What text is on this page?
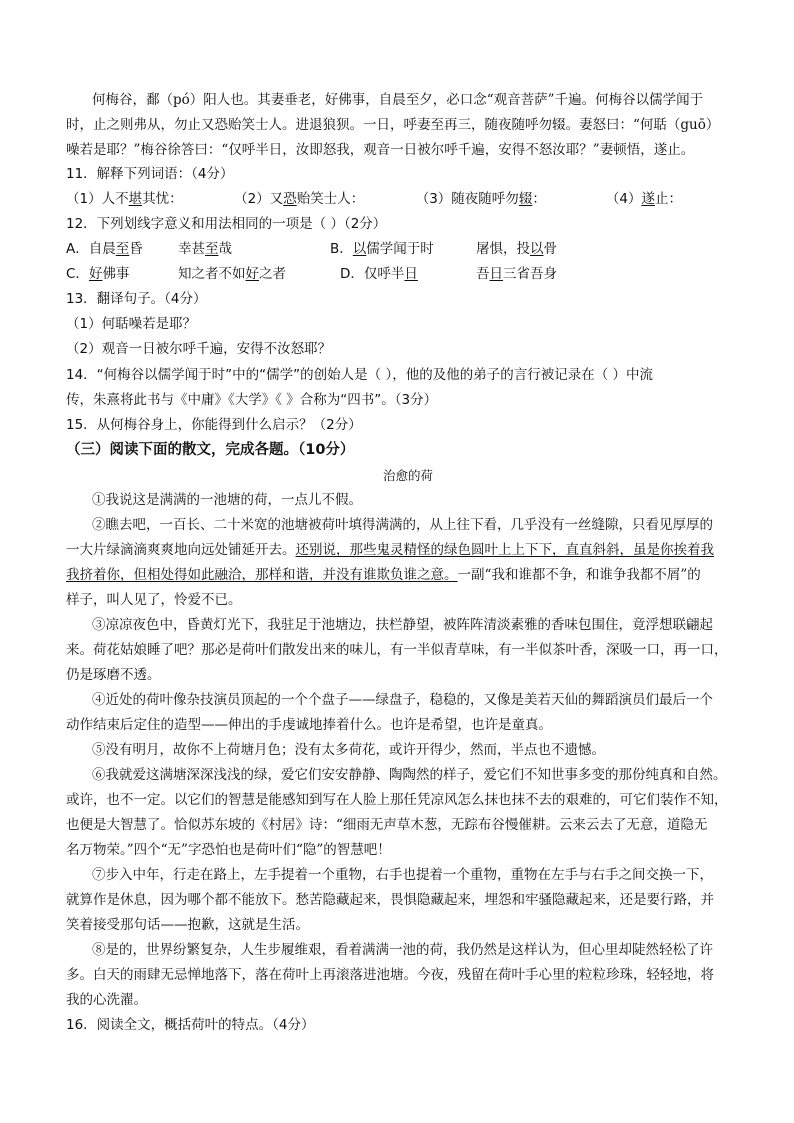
何梅谷，鄱（pó）阳人也。其妻垂老，好佛事，自晨至夕，必口念“观音菩萨”千遍。何梅谷以儒学闻于
时，止之则弗从，勿止又恐贻笑士人。进退狼狈。一日，呼妻至再三，随夜随呼勿辍。妻怒曰：“何聒（guō）
噪若是耶？”梅谷徐答曰：“仅呼半日，汝即怒我，观音一日被尔呼千遍，安得不怒汝耶？”妻顿悟，遂止。
11．解释下列词语：（4分）
（1）人不堪其忧：	（2）又恐贻笑士人：	（3）随夜随呼勿辍：	（4）遂止：
12．下列划线字意义和用法相同的一项是（ ）（2分）
A．自晨至昏	幸甚至哉	B．以儒学闻于时	屠惧，投以骨
C．好佛事	知之者不如好之者	D．仅呼半日	吾日三省吾身
13．翻译句子。（4分）
（1）何聒噪若是耶？
（2）观音一日被尔呼千遍，安得不汝怒耶？
14．“何梅谷以儒学闻于时”中的“儒学”的创始人是（ ），他的及他的弟子的言行被记录在（ ）中流
传，朱熹将此书与《中庸》《大学》《 》合称为“四书”。（3分）
15．从何梅谷身上，你能得到什么启示？（2分）
（三）阅读下面的散文，完成各题。（10分）
治愈的荷
①我说这是满满的一池塘的荷，一点儿不假。
②瞧去吧，一百长、二十米宽的池塘被荷叶填得满满的，从上往下看，几乎没有一丝缝隙，只看见厚厚的
一大片绿滴滴爽爽地向远处铺延开去。还别说，那些鬼灵精怪的绿色圆叶上上下下，直直斜斜，虽是你挨着我
我挤着你，但相处得如此融洽，那样和谐，并没有谁欺负谁之意。一副“我和谁都不争，和谁争我都不屑”的
样子，叫人见了，怜爱不已。
③凉凉夜色中，昏黄灯光下，我驻足于池塘边，扶栏静望，被阵阵清淡素雅的香味包围住，竟浮想联翩起
来。荷花姑娘睡了吧？那必是荷叶们散发出来的味儿，有一半似青草味，有一半似茶叶香，深吸一口，再一口，
仍是琢磨不透。
④近处的荷叶像杂技演员顶起的一个个盘子——绿盘子，稳稳的，又像是美若天仙的舞蹈演员们最后一个
动作结束后定住的造型——伸出的手虔诚地捧着什么。也许是希望，也许是童真。
⑤没有明月，故你不上荷塘月色；没有太多荷花，或许开得少，然而，半点也不遗憾。
⑥我就爱这满塘深深浅浅的绿，爱它们安安静静、陶陶然的样子，爱它们不知世事多变的那份纯真和自然。
或许，也不一定。以它们的智慧是能感知到写在人脸上那任凭凉风怎么抹也抹不去的艰难的，可它们装作不知，
也便是大智慧了。恰似苏东坡的《村居》诗：“细雨无声草木葱，无踪布谷慢催耕。云来云去了无意，道隐无
名万物荣。”四个“无”字恐怕也是荷叶们“隐”的智慧吧！
⑦步入中年，行走在路上，左手提着一个重物，右手也提着一个重物，重物在左手与右手之间交换一下，
就算作是休息，因为哪个都不能放下。愁苦隐藏起来，畏惧隐藏起来，埋怨和牢骚隐藏起来，还是要行路，并
笑着接受那句话——抱歉，这就是生活。
⑧是的，世界纷繁复杂，人生步履维艰，看着满满一池的荷，我仍然是这样认为，但心里却陡然轻松了许
多。白天的雨肆无忌惮地落下，落在荷叶上再滚落进池塘。今夜，残留在荷叶手心里的粒粒珍珠，轻轻地，将
我的心洗濯。
16．阅读全文，概括荷叶的特点。（4分）
